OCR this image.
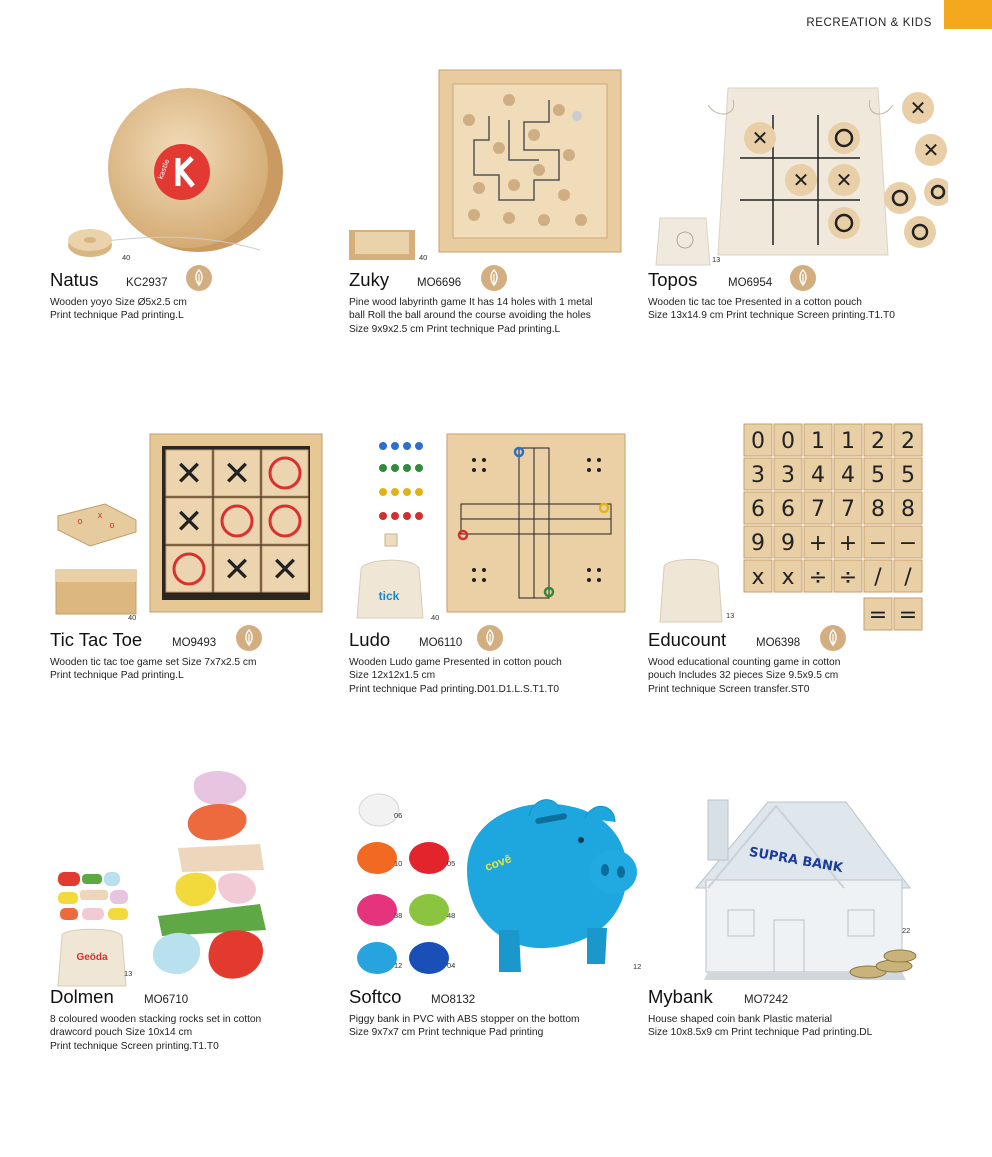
RECREATION & KIDS
kastle
40
Natus KC2937
Wooden yoyo Size Ø5x2.5 cm
Print technique Pad printing.L
40
Zuky MO6696
Pine wood labyrinth game It has 14 holes with 1 metal
ball Roll the ball around the course avoiding the holes
Size 9x9x2.5 cm Print technique Pad printing.L
✕
✕ ✕
✕
✕
13
Topos	MO6954
Wooden tic tac toe Presented in a cotton pouch
Size 13x14.9 cm Print technique Screen printing.T1.T0
✕ ✕
✕
✕ ✕
o
x
o
40
Tic Tac Toe	MO9493
Wooden tic tac toe game set Size 7x7x2.5 cm
Print technique Pad printing.L
tick
40
Ludo	MO6110
Wooden Ludo game Presented in cotton pouch
Size 12x12x1.5 cm
Print technique Pad printing.D01.D1.L.S.T1.T0
0 0 1 1 2 2
3 3 4 4 5 5
6 6 7 7 8 8
9 9 + + − −
x x ÷ ÷ / /
= =
13
Educount	MO6398
Wood educational counting game in cotton
pouch Includes 32 pieces Size 9.5x9.5 cm
Print technique Screen transfer.ST0
Geöda
13
Dolmen	MO6710
8 coloured wooden stacking rocks set in cotton
drawcord pouch Size 10x14 cm
Print technique Screen printing.T1.T0
covē
06
10	05
38	48
12	04	12
Softco	MO8132
Piggy bank in PVC with ABS stopper on the bottom
Size 9x7x7 cm Print technique Pad printing
SUPRA BANK
22
Mybank	MO7242
House shaped coin bank Plastic material
Size 10x8.5x9 cm Print technique Pad printing.DL
